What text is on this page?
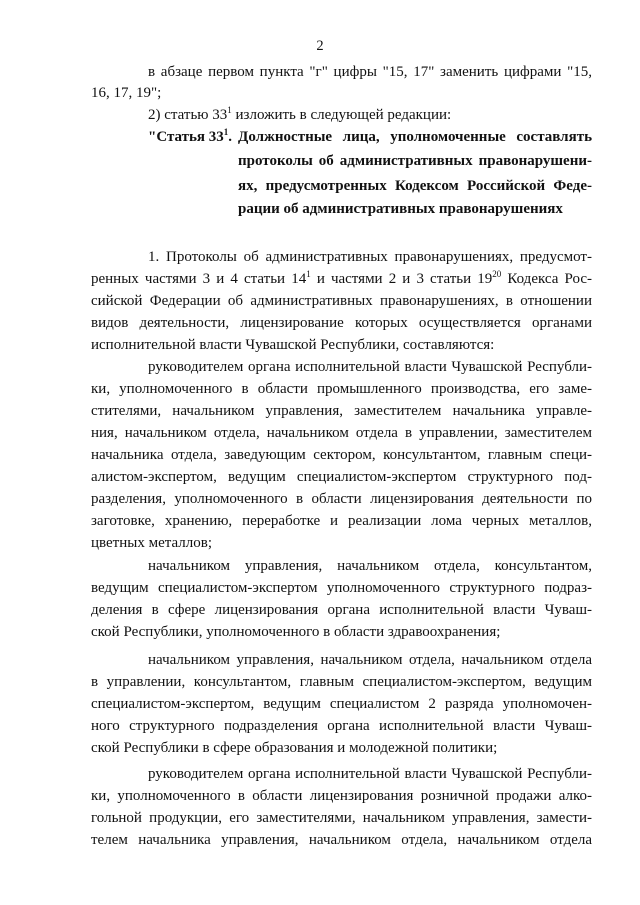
2
в абзаце первом пункта "г" цифры "15, 17" заменить цифрами "15,
16, 17, 19";
2) статью $33^1$ изложить в следующей редакции:
"Статья $33^1$. Должностные лица, уполномоченные составлять
протоколы об административных правонарушени-
ях, предусмотренных Кодексом Российской Феде-
рации об административных правонарушениях
1. Протоколы об административных правонарушениях, предусмот-
ренных частями 3 и 4 статьи $14^1$ и частями 2 и 3 статьи $19^{20}$ Кодекса Рос-
сийской Федерации об административных правонарушениях, в отношении
видов деятельности, лицензирование которых осуществляется органами
исполнительной власти Чувашской Республики, составляются:
руководителем органа исполнительной власти Чувашской Республи-
ки, уполномоченного в области промышленного производства, его заме-
стителями, начальником управления, заместителем начальника управле-
ния, начальником отдела, начальником отдела в управлении, заместителем
начальника отдела, заведующим сектором, консультантом, главным специ-
алистом-экспертом, ведущим специалистом-экспертом структурного под-
разделения, уполномоченного в области лицензирования деятельности по
заготовке, хранению, переработке и реализации лома черных металлов,
цветных металлов;
начальником управления, начальником отдела, консультантом,
ведущим специалистом-экспертом уполномоченного структурного подраз-
деления в сфере лицензирования органа исполнительной власти Чуваш-
ской Республики, уполномоченного в области здравоохранения;
начальником управления, начальником отдела, начальником отдела
в управлении, консультантом, главным специалистом-экспертом, ведущим
специалистом-экспертом, ведущим специалистом 2 разряда уполномочен-
ного структурного подразделения органа исполнительной власти Чуваш-
ской Республики в сфере образования и молодежной политики;
руководителем органа исполнительной власти Чувашской Республи-
ки, уполномоченного в области лицензирования розничной продажи алко-
гольной продукции, его заместителями, начальником управления, замести-
телем начальника управления, начальником отдела, начальником отдела
